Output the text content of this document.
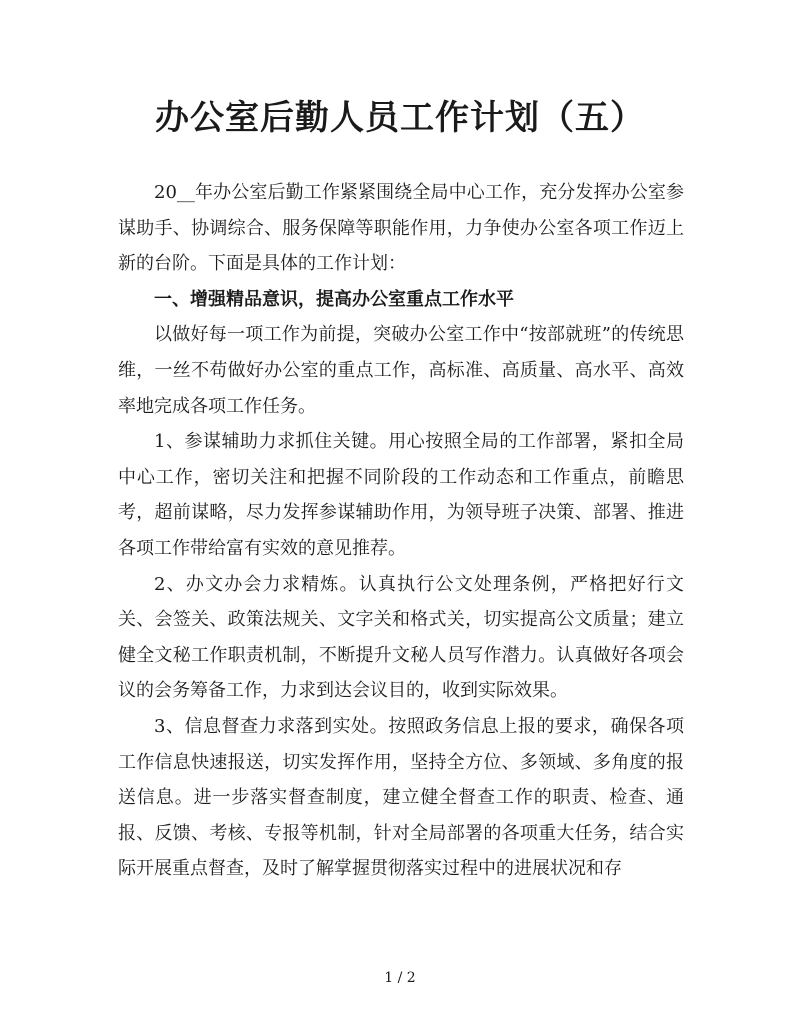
办公室后勤人员工作计划（五）

20__年办公室后勤工作紧紧围绕全局中心工作，充分发挥办公室参谋助手、协调综合、服务保障等职能作用，力争使办公室各项工作迈上新的台阶。下面是具体的工作计划：

一、增强精品意识，提高办公室重点工作水平

以做好每一项工作为前提，突破办公室工作中“按部就班”的传统思维，一丝不苟做好办公室的重点工作，高标准、高质量、高水平、高效率地完成各项工作任务。

1、参谋辅助力求抓住关键。用心按照全局的工作部署，紧扣全局中心工作，密切关注和把握不同阶段的工作动态和工作重点，前瞻思考，超前谋略，尽力发挥参谋辅助作用，为领导班子决策、部署、推进各项工作带给富有实效的意见推荐。

2、办文办会力求精炼。认真执行公文处理条例，严格把好行文关、会签关、政策法规关、文字关和格式关，切实提高公文质量；建立健全文秘工作职责机制，不断提升文秘人员写作潜力。认真做好各项会议的会务筹备工作，力求到达会议目的，收到实际效果。

3、信息督查力求落到实处。按照政务信息上报的要求，确保各项工作信息快速报送，切实发挥作用，坚持全方位、多领域、多角度的报送信息。进一步落实督查制度，建立健全督查工作的职责、检查、通报、反馈、考核、专报等机制，针对全局部署的各项重大任务，结合实际开展重点督查，及时了解掌握贯彻落实过程中的进展状况和存

1 / 2
